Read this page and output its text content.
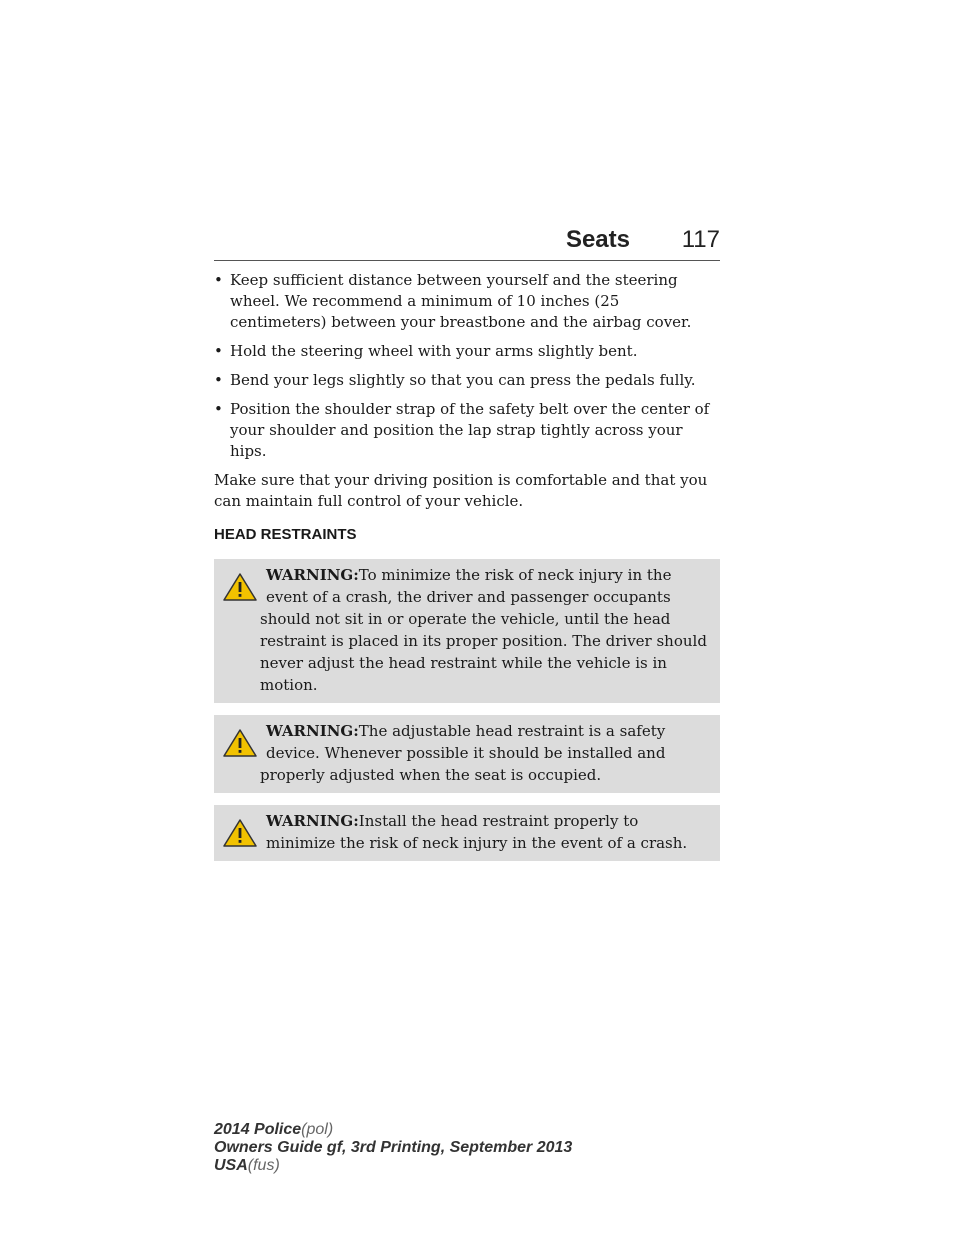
Seats 117
• Keep sufficient distance between yourself and the steering wheel. We recommend a minimum of 10 inches (25 centimeters) between your breastbone and the airbag cover.
• Hold the steering wheel with your arms slightly bent.
• Bend your legs slightly so that you can press the pedals fully.
• Position the shoulder strap of the safety belt over the center of your shoulder and position the lap strap tightly across your hips.

Make sure that your driving position is comfortable and that you can maintain full control of your vehicle.

HEAD RESTRAINTS
WARNING:To minimize the risk of neck injury in the event of a crash, the driver and passenger occupants should not sit in or operate the vehicle, until the head restraint is placed in its proper position. The driver should never adjust the head restraint while the vehicle is in motion.
WARNING:The adjustable head restraint is a safety device. Whenever possible it should be installed and properly adjusted when the seat is occupied.
WARNING:Install the head restraint properly to minimize the risk of neck injury in the event of a crash.
2014 Police(pol)
Owners Guide gf, 3rd Printing, September 2013
USA(fus)
